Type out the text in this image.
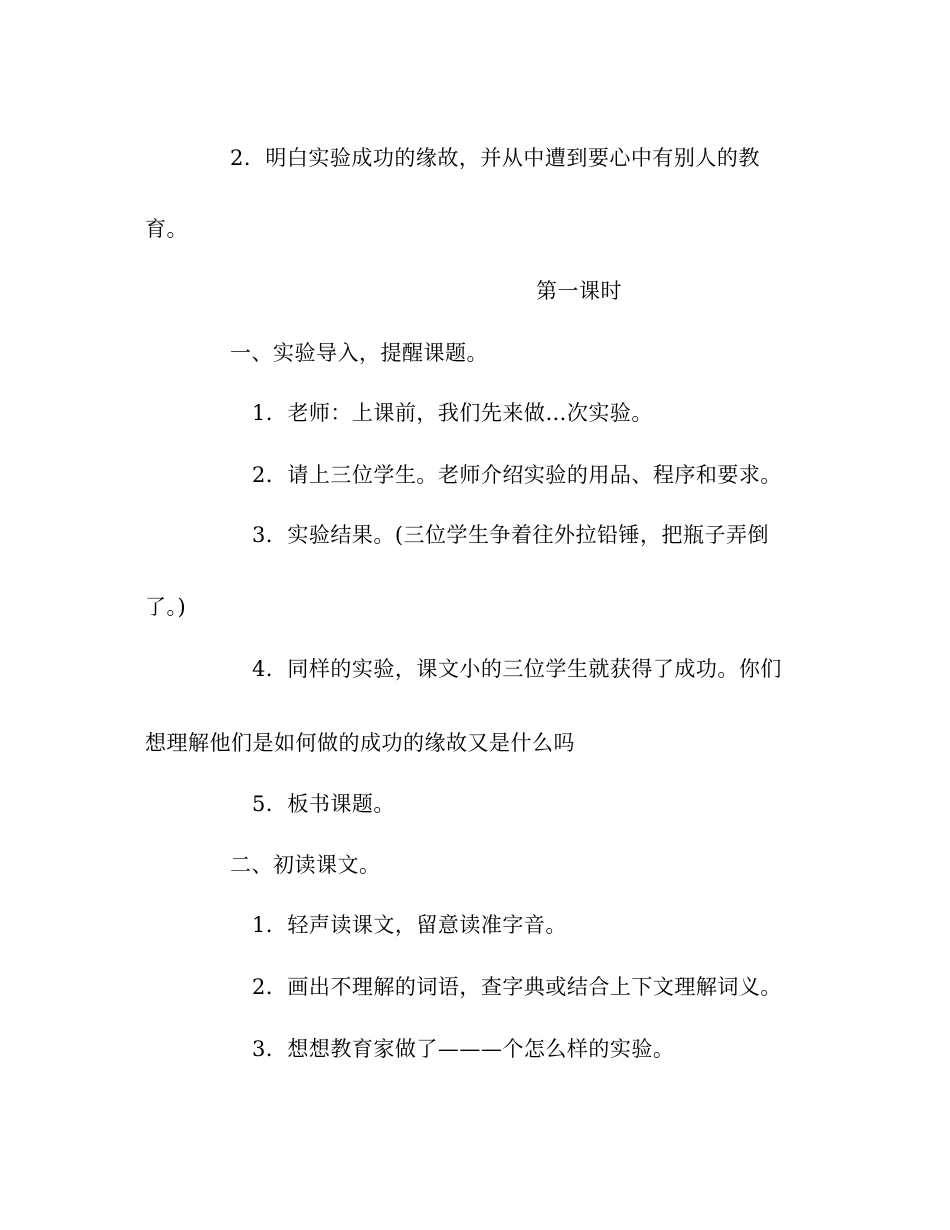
2．明白实验成功的缘故，并从中遭到要心中有别人的教
育。
第一课时
一、实验导入，提醒课题。
1．老师：上课前，我们先来做…次实验。
2．请上三位学生。老师介绍实验的用品、程序和要求。
3．实验结果。(三位学生争着往外拉铅锤，把瓶子弄倒
了。)
4．同样的实验，课文小的三位学生就获得了成功。你们
想理解他们是如何做的成功的缘故又是什么吗
5．板书课题。
二、初读课文。
1．轻声读课文，留意读准字音。
2．画出不理解的词语，查字典或结合上下文理解词义。
3．想想教育家做了———个怎么样的实验。
